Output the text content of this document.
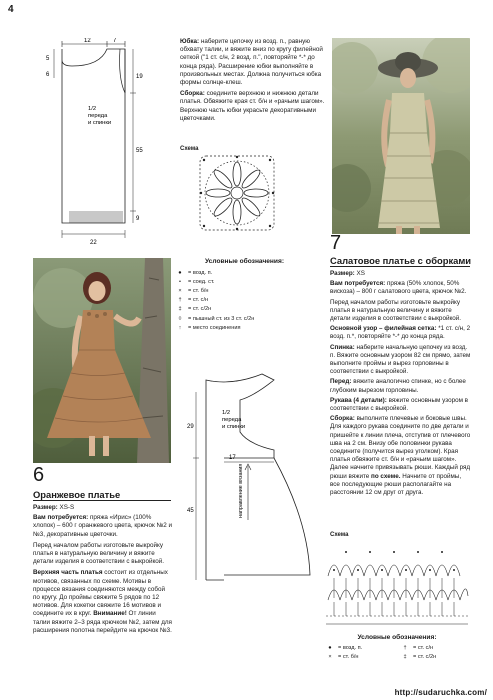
4
12	7
5
6	19
55
9
22
1/2
переда
и спинки

Юбка: наберите цепочку из возд. п., равную обхвату талии, и вяжите вниз по кругу филейной сеткой ("1 ст. с/н, 2 возд. п.", повторяйте *-* до конца ряда). Расширение юбки выполняйте в произвольных местах. Должна получиться юбка формы солнце-клеш.

Сборка: соедините верхнюю и нижнюю детали платья. Обвяжите края ст. б/н и «рачьим шагом». Верхнюю часть юбки украсьте декоративными цветочками.

Схема
Условные обозначения:
●	= возд. п.
•	= соед. ст.
×	= ст. б/н
†	= ст. с/н
‡	= ст. с/2н
◊	= пышный ст. из 3 ст. с/2н
↑	= место соединения
7
Салатовое платье с оборками

Размер: XS

Вам потребуется: пряжа (50% хлопок, 50% вискоза) – 800 г салатового цвета, крючок №2.

Перед началом работы изготовьте выкройку платья в натуральную величину и вяжите детали изделия в соответствии с выкройкой.

Основной узор – филейная сетка: *1 ст. с/н, 2 возд. п.*, повторяйте *-* до конца ряда.

Спинка: наберите начальную цепочку из возд. п. Вяжите основным узором 82 см прямо, затем выполните проймы и вырез горловины в соответствии с выкройкой.

Перед: вяжите аналогично спинке, но с более глубоким вырезом горловины.

Рукава (4 детали): вяжите основным узором в соответствии с выкройкой.

Сборка: выполните плечевые и боковые швы. Для каждого рукава соедините по две детали и пришейте к линии плеча, отступив от плечевого шва на 2 см. Внизу обе половинки рукава соедините (получится вырез уголком). Края платья обвяжите ст. б/н и «рачьим шагом». Далее начните привязывать рюши. Каждый ряд рюши вяжите по схеме. Начните от проймы, все последующие рюши располагайте на расстоянии 12 см друг от друга.

6
Оранжевое платье

Размер: XS-S

Вам потребуется: пряжа «Ирис» (100% хлопок) – 600 г оранжевого цвета, крючок №2 и №3, декоративные цветочки.

Перед началом работы изготовьте выкройку платья в натуральную величину и вяжите детали изделия в соответствии с выкройкой.

Верхняя часть платья состоит из отдельных мотивов, связанных по схеме. Мотивы в процессе вязания соединяются между собой по кругу. До проймы свяжите 5 рядов по 12 мотивов. Для кокетки свяжите 16 мотивов и соедините их в круг. Внимание! От линии талии вяжите 2–3 ряда крючком №2, затем для расширения полотна перейдите на крючок №3.

29
45
17
1/2
переда
и спинки
направление вязания
Схема
Условные обозначения:
●	= возд. п.	†	= ст. с/н
×	= ст. б/н	‡	= ст. с/2н
http://sudaruchka.com/
